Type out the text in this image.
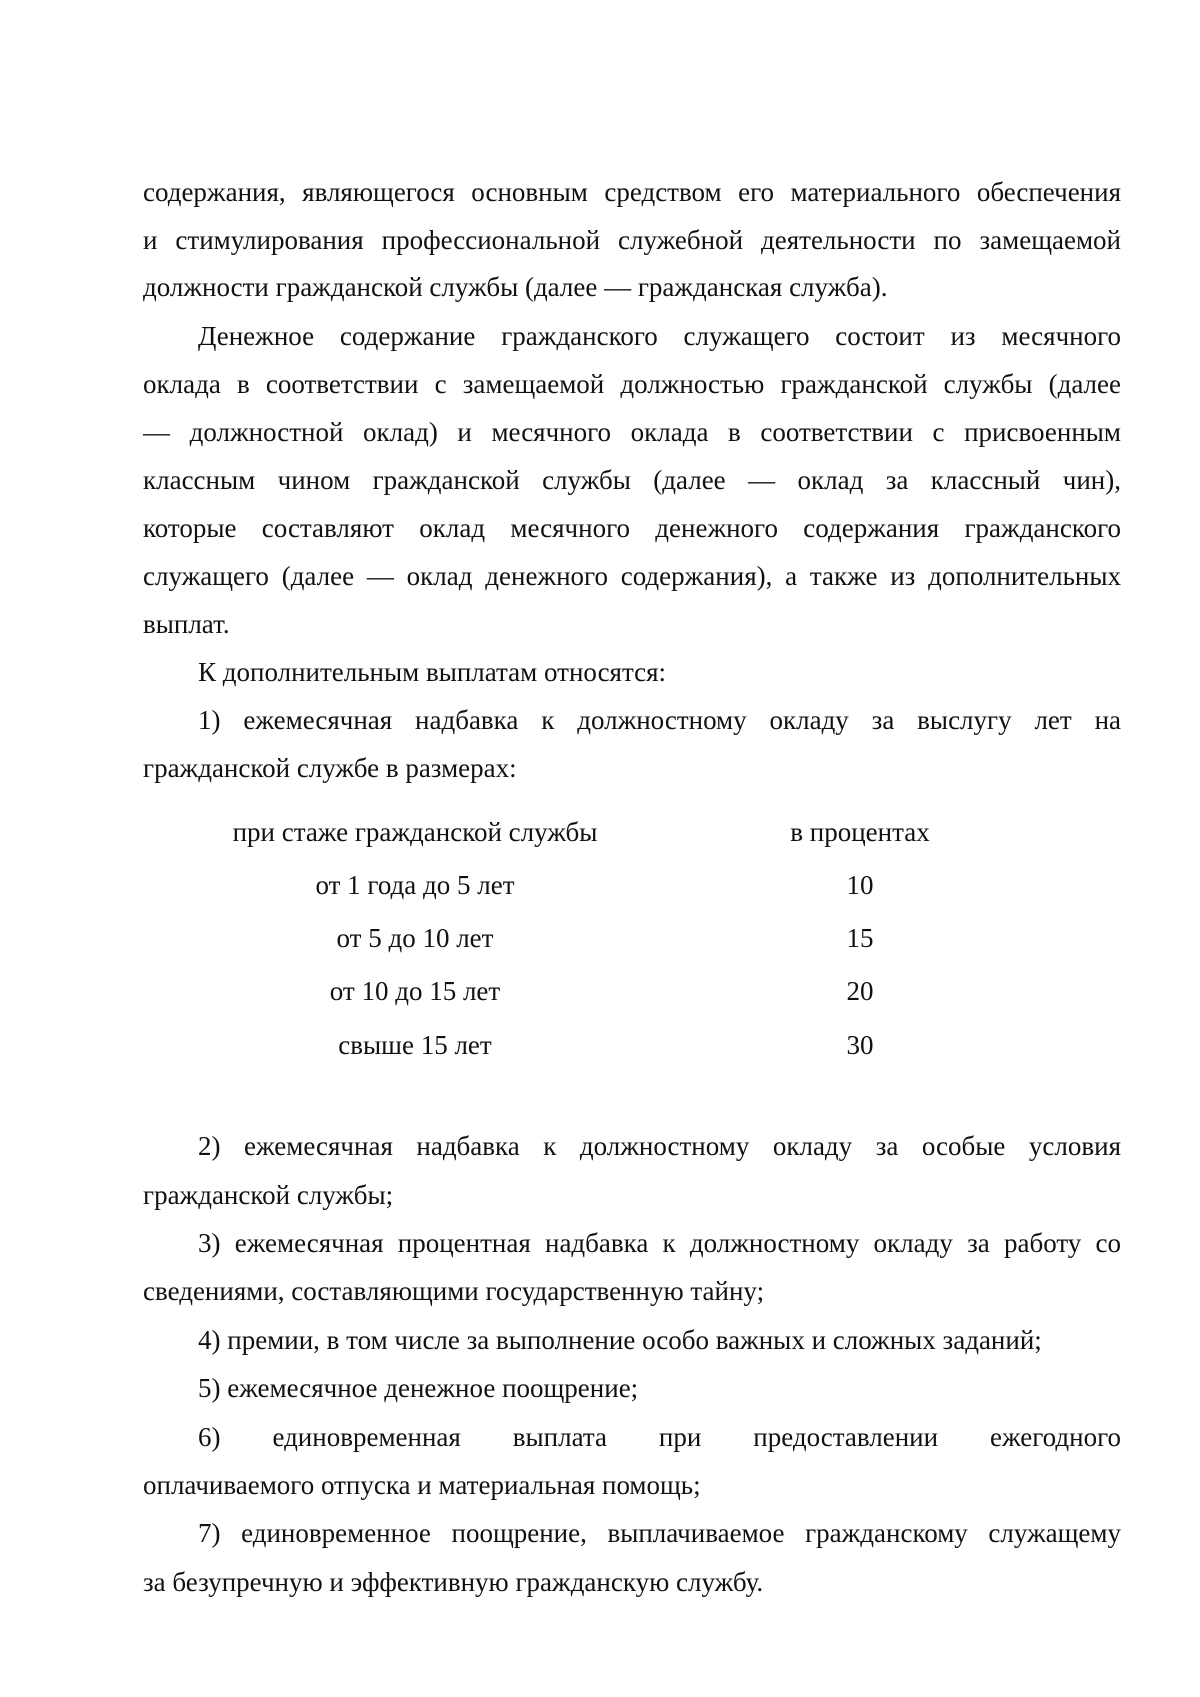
содержания, являющегося основным средством его материального обеспечения
и стимулирования профессиональной служебной деятельности по замещаемой
должности гражданской службы (далее — гражданская служба).
Денежное содержание гражданского служащего состоит из месячного
оклада в соответствии с замещаемой должностью гражданской службы (далее
— должностной оклад) и месячного оклада в соответствии с присвоенным
классным чином гражданской службы (далее — оклад за классный чин),
которые составляют оклад месячного денежного содержания гражданского
служащего (далее — оклад денежного содержания), а также из дополнительных
выплат.
К дополнительным выплатам относятся:
1) ежемесячная надбавка к должностному окладу за выслугу лет на
гражданской службе в размерах:
при стаже гражданской службы	в процентах
от 1 года до 5 лет	10
от 5 до 10 лет	15
от 10 до 15 лет	20
свыше 15 лет	30
2) ежемесячная надбавка к должностному окладу за особые условия
гражданской службы;
3) ежемесячная процентная надбавка к должностному окладу за работу со
сведениями, составляющими государственную тайну;
4) премии, в том числе за выполнение особо важных и сложных заданий;
5) ежемесячное денежное поощрение;
6) единовременная выплата при предоставлении ежегодного
оплачиваемого отпуска и материальная помощь;
7) единовременное поощрение, выплачиваемое гражданскому служащему
за безупречную и эффективную гражданскую службу.
